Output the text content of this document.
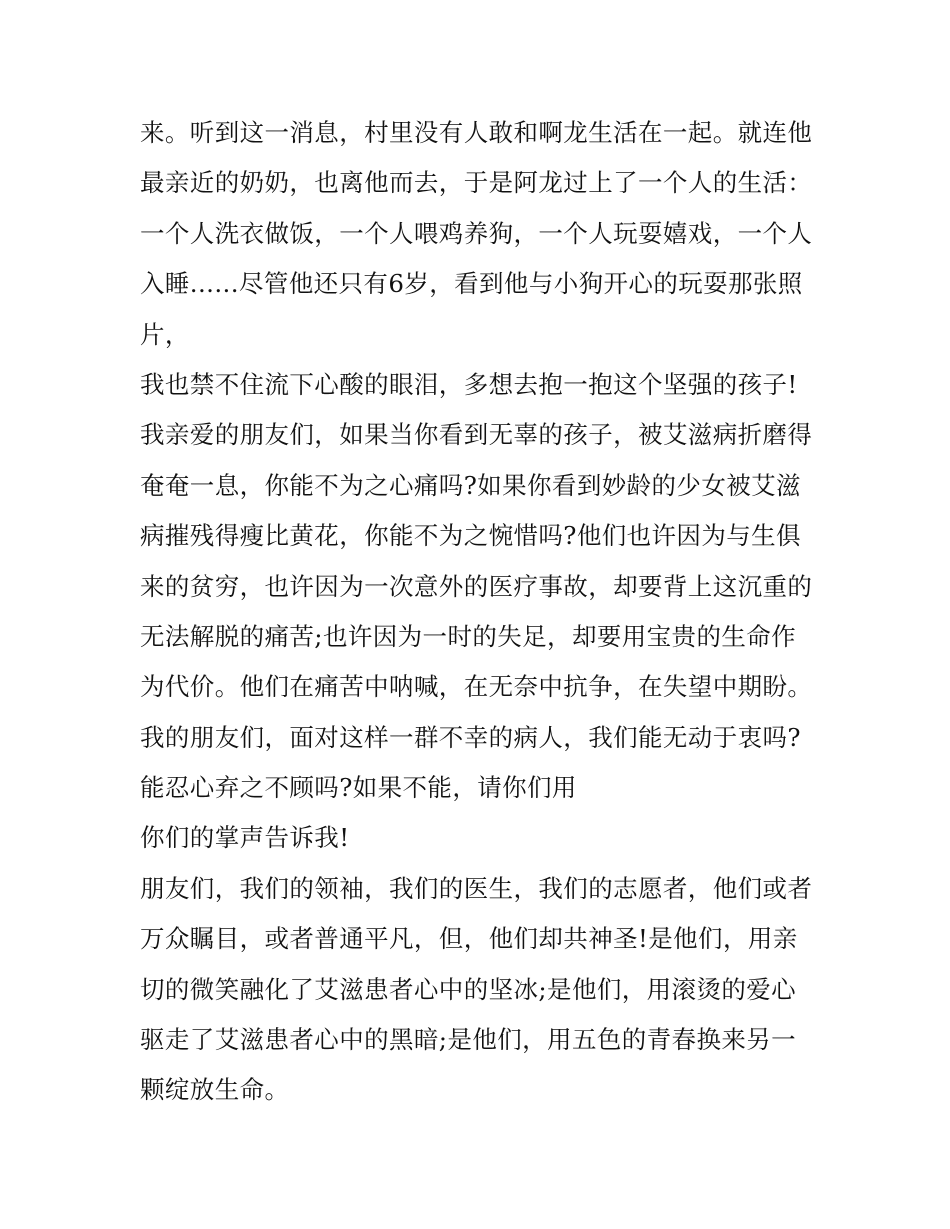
来。听到这一消息，村里没有人敢和啊龙生活在一起。就连他
最亲近的奶奶，也离他而去，于是阿龙过上了一个人的生活：
一个人洗衣做饭，一个人喂鸡养狗，一个人玩耍嬉戏，一个人
入睡......尽管他还只有6岁，看到他与小狗开心的玩耍那张照
片，
我也禁不住流下心酸的眼泪，多想去抱一抱这个坚强的孩子!
我亲爱的朋友们，如果当你看到无辜的孩子，被艾滋病折磨得
奄奄一息，你能不为之心痛吗?如果你看到妙龄的少女被艾滋
病摧残得瘦比黄花，你能不为之惋惜吗?他们也许因为与生俱
来的贫穷，也许因为一次意外的医疗事故，却要背上这沉重的
无法解脱的痛苦;也许因为一时的失足，却要用宝贵的生命作
为代价。他们在痛苦中呐喊，在无奈中抗争，在失望中期盼。
我的朋友们，面对这样一群不幸的病人，我们能无动于衷吗?
能忍心弃之不顾吗?如果不能，请你们用
你们的掌声告诉我!
朋友们，我们的领袖，我们的医生，我们的志愿者，他们或者
万众瞩目，或者普通平凡，但，他们却共神圣!是他们，用亲
切的微笑融化了艾滋患者心中的坚冰;是他们，用滚烫的爱心
驱走了艾滋患者心中的黑暗;是他们，用五色的青春换来另一
颗绽放生命。
